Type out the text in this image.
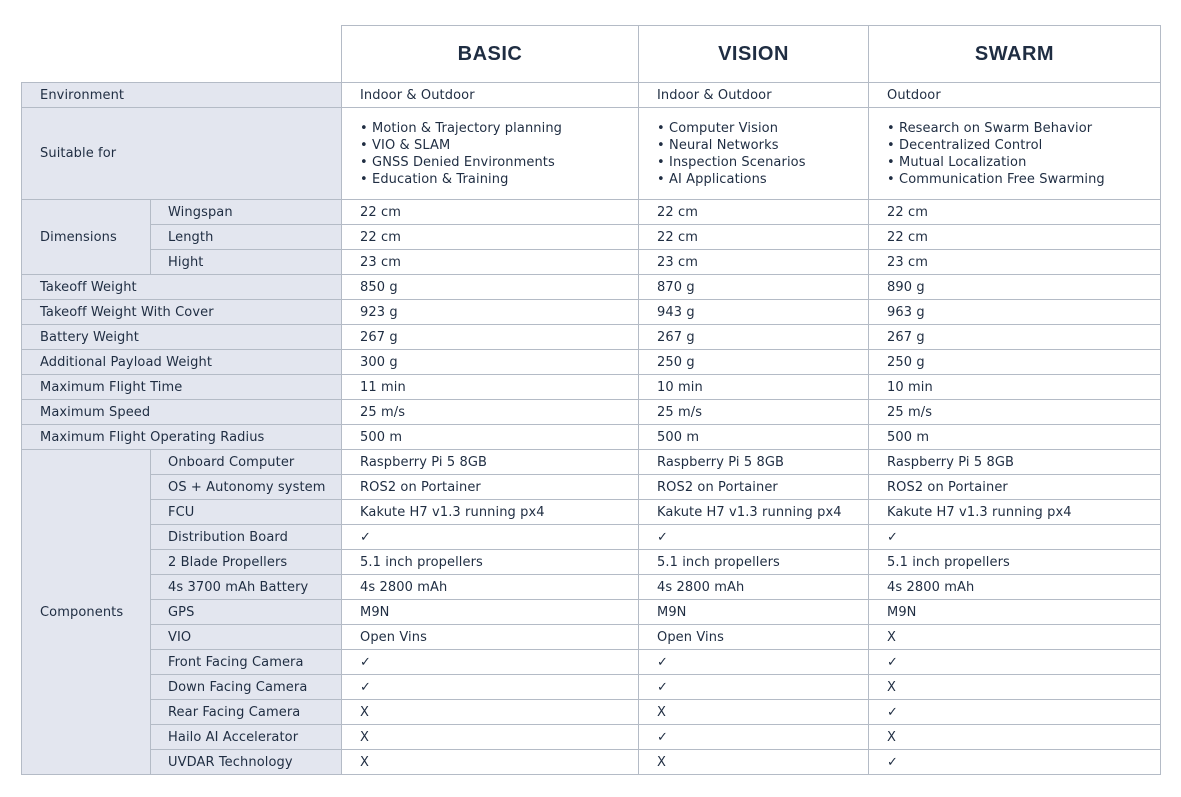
		BASIC	VISION	SWARM
Environment		Indoor & Outdoor	Indoor & Outdoor	Outdoor
Suitable for		• Motion & Trajectory planning
• VIO & SLAM
• GNSS Denied Environments
• Education & Training	• Computer Vision
• Neural Networks
• Inspection Scenarios
• AI Applications	• Research on Swarm Behavior
• Decentralized Control
• Mutual Localization
• Communication Free Swarming

Dimensions	Wingspan	22 cm	22 cm	22 cm
	Length	22 cm	22 cm	22 cm
	Hight	23 cm	23 cm	23 cm
Takeoff Weight		850 g	870 g	890 g
Takeoff Weight With Cover		923 g	943 g	963 g
Battery Weight		267 g	267 g	267 g
Additional Payload Weight		300 g	250 g	250 g
Maximum Flight Time		11 min	10 min	10 min
Maximum Speed		25 m/s	25 m/s	25 m/s
Maximum Flight Operating Radius		500 m	500 m	500 m
Components	Onboard Computer	Raspberry Pi 5 8GB	Raspberry Pi 5 8GB	Raspberry Pi 5 8GB
	OS + Autonomy system	ROS2 on Portainer	ROS2 on Portainer	ROS2 on Portainer
	FCU	Kakute H7 v1.3 running px4	Kakute H7 v1.3 running px4	Kakute H7 v1.3 running px4
	Distribution Board	✓	✓	✓
	2 Blade Propellers	5.1 inch propellers	5.1 inch propellers	5.1 inch propellers
	4s 3700 mAh Battery	4s 2800 mAh	4s 2800 mAh	4s 2800 mAh
	GPS	M9N	M9N	M9N
	VIO	Open Vins	Open Vins	X
	Front Facing Camera	✓	✓	✓
	Down Facing Camera	✓	✓	X
	Rear Facing Camera	X	X	✓
	Hailo AI Accelerator	X	✓	X
	UVDAR Technology	X	X	✓
